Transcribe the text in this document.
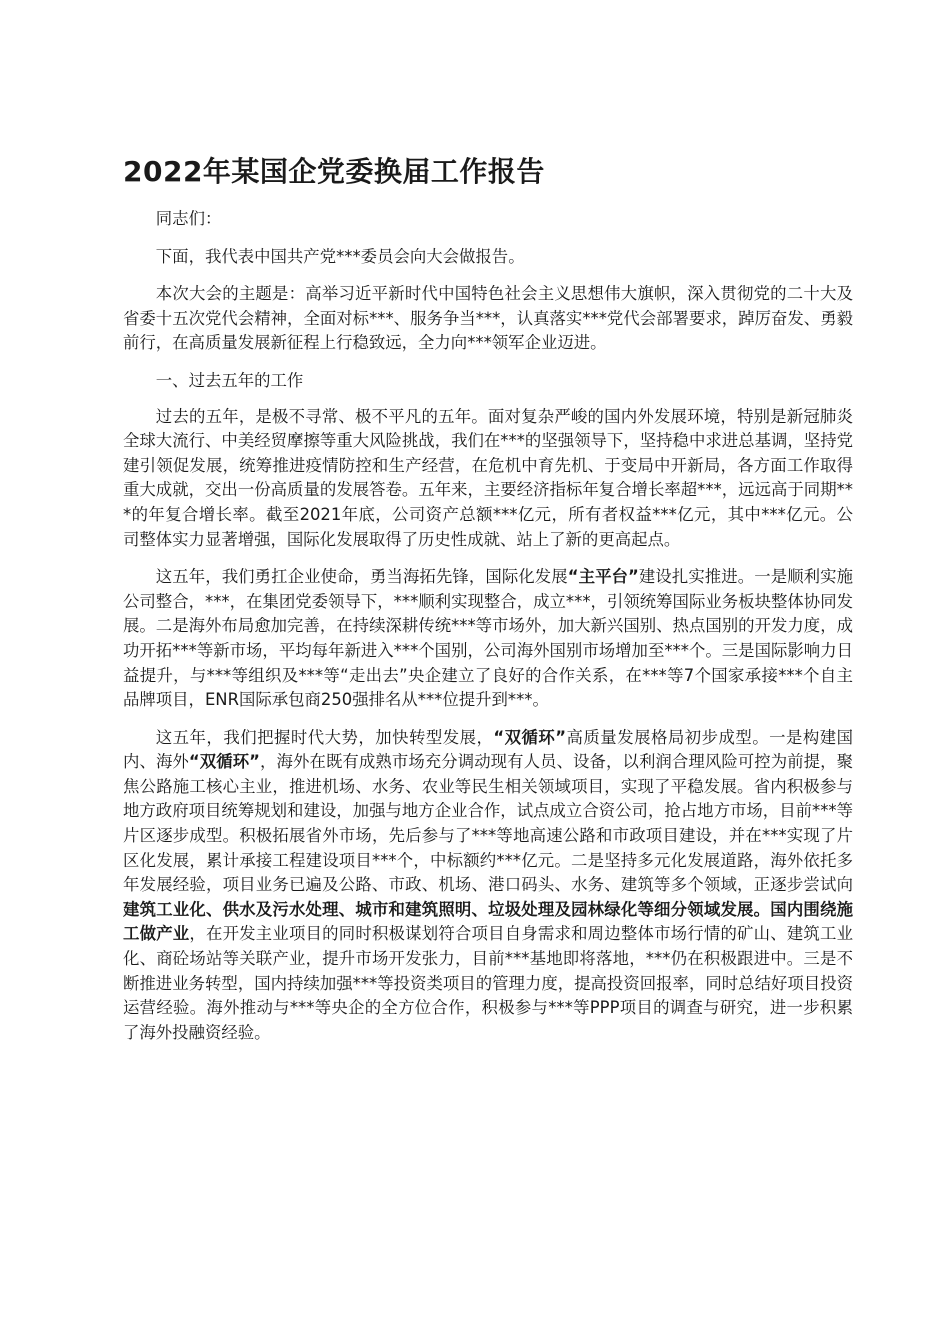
2022年某国企党委换届工作报告

同志们：

下面，我代表中国共产党***委员会向大会做报告。

本次大会的主题是：高举习近平新时代中国特色社会主义思想伟大旗帜，深入贯彻党的二十大及省委十五次党代会精神，全面对标***、服务争当***，认真落实***党代会部署要求，踔厉奋发、勇毅前行，在高质量发展新征程上行稳致远，全力向***领军企业迈进。

一、过去五年的工作

过去的五年，是极不寻常、极不平凡的五年。面对复杂严峻的国内外发展环境，特别是新冠肺炎全球大流行、中美经贸摩擦等重大风险挑战，我们在***的坚强领导下，坚持稳中求进总基调，坚持党建引领促发展，统筹推进疫情防控和生产经营，在危机中育先机、于变局中开新局，各方面工作取得重大成就，交出一份高质量的发展答卷。五年来，主要经济指标年复合增长率超***，远远高于同期***的年复合增长率。截至2021年底，公司资产总额***亿元，所有者权益***亿元，其中***亿元。公司整体实力显著增强，国际化发展取得了历史性成就、站上了新的更高起点。

这五年，我们勇扛企业使命，勇当海拓先锋，国际化发展“主平台”建设扎实推进。一是顺利实施公司整合，***，在集团党委领导下，***顺利实现整合，成立***，引领统筹国际业务板块整体协同发展。二是海外布局愈加完善，在持续深耕传统***等市场外，加大新兴国别、热点国别的开发力度，成功开拓***等新市场，平均每年新进入***个国别，公司海外国别市场增加至***个。三是国际影响力日益提升，与***等组织及***等“走出去”央企建立了良好的合作关系，在***等7个国家承接***个自主品牌项目，ENR国际承包商250强排名从***位提升到***。

这五年，我们把握时代大势，加快转型发展，“双循环”高质量发展格局初步成型。一是构建国内、海外“双循环”，海外在既有成熟市场充分调动现有人员、设备，以利润合理风险可控为前提，聚焦公路施工核心主业，推进机场、水务、农业等民生相关领域项目，实现了平稳发展。省内积极参与地方政府项目统筹规划和建设，加强与地方企业合作，试点成立合资公司，抢占地方市场，目前***等片区逐步成型。积极拓展省外市场，先后参与了***等地高速公路和市政项目建设，并在***实现了片区化发展，累计承接工程建设项目***个，中标额约***亿元。二是坚持多元化发展道路，海外依托多年发展经验，项目业务已遍及公路、市政、机场、港口码头、水务、建筑等多个领域，正逐步尝试向建筑工业化、供水及污水处理、城市和建筑照明、垃圾处理及园林绿化等细分领域发展。国内围绕施工做产业，在开发主业项目的同时积极谋划符合项目自身需求和周边整体市场行情的矿山、建筑工业化、商砼场站等关联产业，提升市场开发张力，目前***基地即将落地，***仍在积极跟进中。三是不断推进业务转型，国内持续加强***等投资类项目的管理力度，提高投资回报率，同时总结好项目投资运营经验。海外推动与***等央企的全方位合作，积极参与***等PPP项目的调查与研究，进一步积累了海外投融资经验。
